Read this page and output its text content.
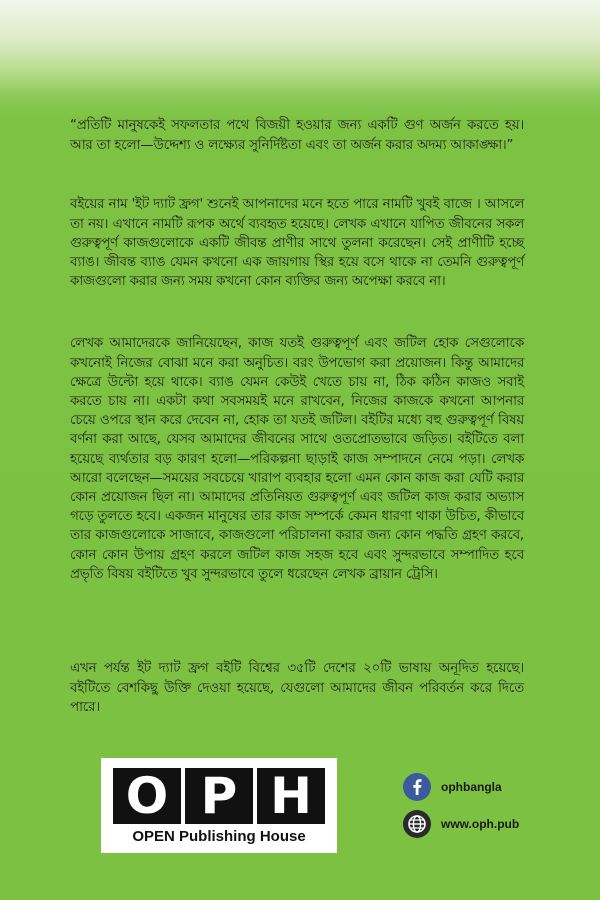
“প্রতিটি মানুষকেই সফলতার পথে বিজয়ী হওয়ার জন্য একটি গুণ অর্জন করতে হয়। আর তা হলো—উদ্দেশ্য ও লক্ষ্যের সুনির্দিষ্টতা এবং তা অর্জন করার অদম্য আকাঙ্ক্ষা।”

বইয়ের নাম 'ইট দ্যাট ফ্রগ' শুনেই আপনাদের মনে হতে পারে নামটি খুবই বাজে । আসলে তা নয়। এখানে নামটি রূপক অর্থে ব্যবহৃত হয়েছে। লেখক এখানে যাপিত জীবনের সকল গুরুত্বপূর্ণ কাজগুলোকে একটি জীবন্ত প্রাণীর সাথে তুলনা করেছেন। সেই প্রাণীটি হচ্ছে ব্যাঙ। জীবন্ত ব্যাঙ যেমন কখনো এক জায়গায় স্থির হয়ে বসে থাকে না তেমনি গুরুত্বপূর্ণ কাজগুলো করার জন্য সময় কখনো কোন ব্যক্তির জন্য অপেক্ষা করবে না।

লেখক আমাদেরকে জানিয়েছেন, কাজ যতই গুরুত্বপূর্ণ এবং জটিল হোক সেগুলোকে কখনোই নিজের বোঝা মনে করা অনুচিত। বরং উপভোগ করা প্রয়োজন। কিন্তু আমাদের ক্ষেত্রে উল্টো হয়ে থাকে। ব্যাঙ যেমন কেউই খেতে চায় না, ঠিক কঠিন কাজও সবাই করতে চায় না। একটা কথা সবসময়ই মনে রাখবেন, নিজের কাজকে কখনো আপনার চেয়ে ওপরে স্থান করে দেবেন না, হোক তা যতই জটিল। বইটির মধ্যে বহু গুরুত্বপূর্ণ বিষয় বর্ণনা করা আছে, যেসব আমাদের জীবনের সাথে ওতপ্রোতভাবে জড়িত। বইটিতে বলা হয়েছে ব্যর্থতার বড় কারণ হলো—পরিকল্পনা ছাড়াই কাজ সম্পাদনে নেমে পড়া। লেখক আরো বলেছেন—সময়ের সবচেয়ে খারাপ ব্যবহার হলো এমন কোন কাজ করা যেটি করার কোন প্রয়োজন ছিল না। আমাদের প্রতিনিয়ত গুরুত্বপূর্ণ এবং জটিল কাজ করার অভ্যাস গড়ে তুলতে হবে। একজন মানুষের তার কাজ সম্পর্কে কেমন ধারণা থাকা উচিত, কীভাবে তার কাজগুলোকে সাজাবে, কাজগুলো পরিচালনা করার জন্য কোন পদ্ধতি গ্রহণ করবে, কোন কোন উপায় গ্রহণ করলে জটিল কাজ সহজ হবে এবং সুন্দরভাবে সম্পাদিত হবে প্রভৃতি বিষয় বইটিতে খুব সুন্দরভাবে তুলে ধরেছেন লেখক ব্রায়ান ট্রেসি।

এখন পর্যন্ত ইট দ্যাট ফ্রগ বইটি বিশ্বের ৩৫টি দেশের ২০টি ভাষায় অনূদিত হয়েছে। বইটিতে বেশকিছু উক্তি দেওয়া হয়েছে, যেগুলো আমাদের জীবন পরিবর্তন করে দিতে পারে।

O P H
OPEN Publishing House
ophbangla
www.oph.pub
